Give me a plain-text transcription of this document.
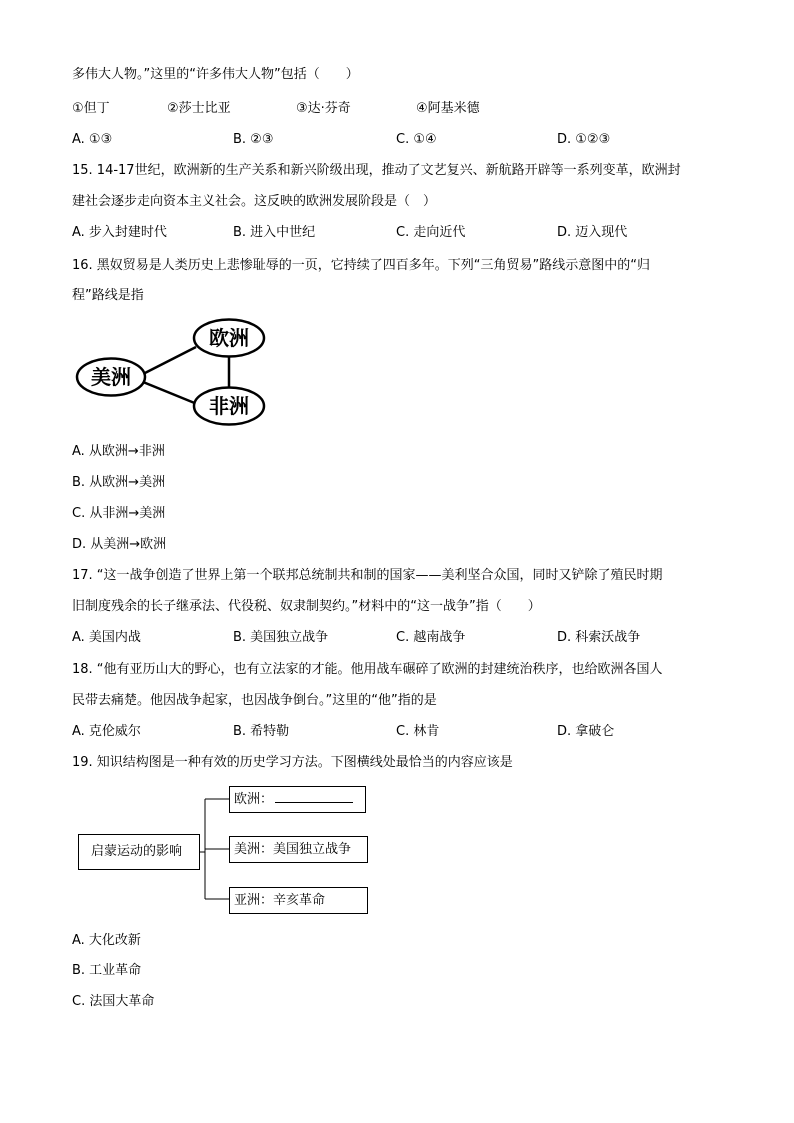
多伟大人物。”这里的“许多伟大人物”包括（　　）
①但丁	②莎士比亚	③达·芬奇	④阿基米德
A. ①③	B. ②③	C. ①④	D. ①②③
15. 14-17世纪，欧洲新的生产关系和新兴阶级出现，推动了文艺复兴、新航路开辟等一系列变革，欧洲封
建社会逐步走向资本主义社会。这反映的欧洲发展阶段是（　）
A. 步入封建时代	B. 进入中世纪	C. 走向近代	D. 迈入现代
16. 黑奴贸易是人类历史上悲惨耻辱的一页，它持续了四百多年。下列“三角贸易”路线示意图中的“归
程”路线是指
欧洲
美洲
非洲
A. 从欧洲→非洲
B. 从欧洲→美洲
C. 从非洲→美洲
D. 从美洲→欧洲
17. “这一战争创造了世界上第一个联邦总统制共和制的国家——美利坚合众国，同时又铲除了殖民时期
旧制度残余的长子继承法、代役税、奴隶制契约。”材料中的“这一战争”指（　　）
A. 美国内战	B. 美国独立战争	C. 越南战争	D. 科索沃战争
18. “他有亚历山大的野心，也有立法家的才能。他用战车碾碎了欧洲的封建统治秩序，也给欧洲各国人
民带去痛楚。他因战争起家，也因战争倒台。”这里的“他”指的是
A. 克伦威尔	B. 希特勒	C. 林肯	D. 拿破仑
19. 知识结构图是一种有效的历史学习方法。下图横线处最恰当的内容应该是
启蒙运动的影响
欧洲：
美洲：美国独立战争
亚洲：辛亥革命
A. 大化改新
B. 工业革命
C. 法国大革命
